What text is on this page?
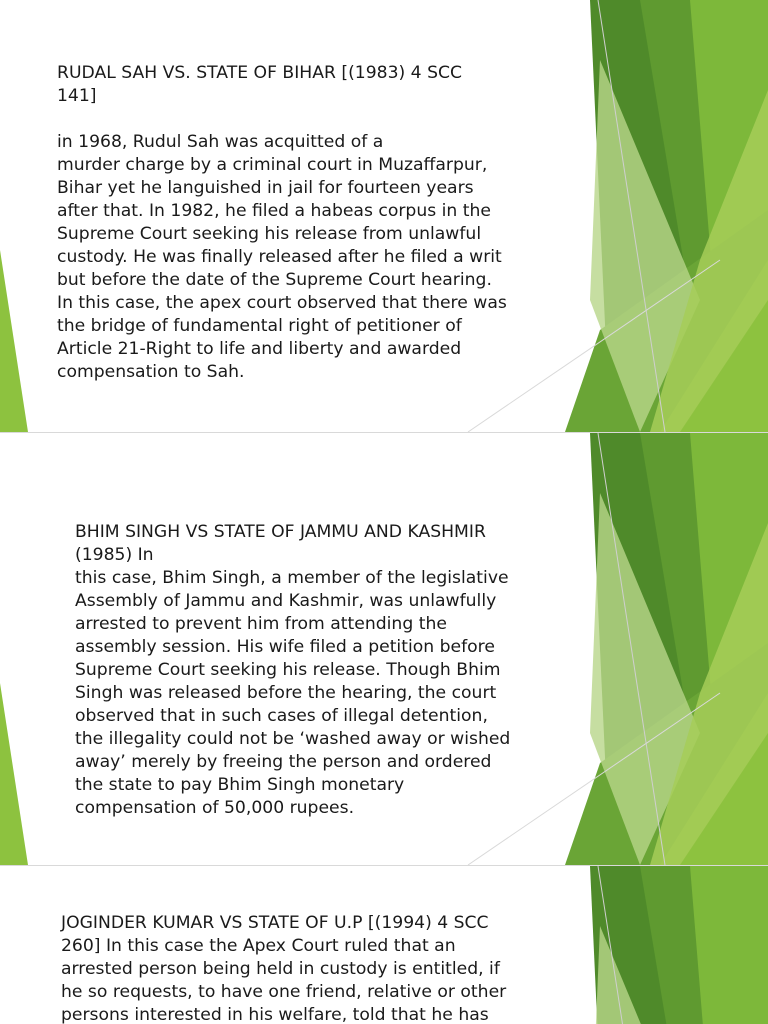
RUDAL SAH VS. STATE OF BIHAR [(1983) 4 SCC
141]

in 1968, Rudul Sah was acquitted of a
murder charge by a criminal court in Muzaffarpur,
Bihar yet he languished in jail for fourteen years
after that. In 1982, he filed a habeas corpus in the
Supreme Court seeking his release from unlawful
custody. He was finally released after he filed a writ
but before the date of the Supreme Court hearing.
In this case, the apex court observed that there was
the bridge of fundamental right of petitioner of
Article 21-Right to life and liberty and awarded
compensation to Sah.

BHIM SINGH VS STATE OF JAMMU AND KASHMIR
(1985) In
this case, Bhim Singh, a member of the legislative
Assembly of Jammu and Kashmir, was unlawfully
arrested to prevent him from attending the
assembly session. His wife filed a petition before
Supreme Court seeking his release. Though Bhim
Singh was released before the hearing, the court
observed that in such cases of illegal detention,
the illegality could not be ‘washed away or wished
away’ merely by freeing the person and ordered
the state to pay Bhim Singh monetary
compensation of 50,000 rupees.

JOGINDER KUMAR VS STATE OF U.P [(1994) 4 SCC
260] In this case the Apex Court ruled that an
arrested person being held in custody is entitled, if
he so requests, to have one friend, relative or other
persons interested in his welfare, told that he has
